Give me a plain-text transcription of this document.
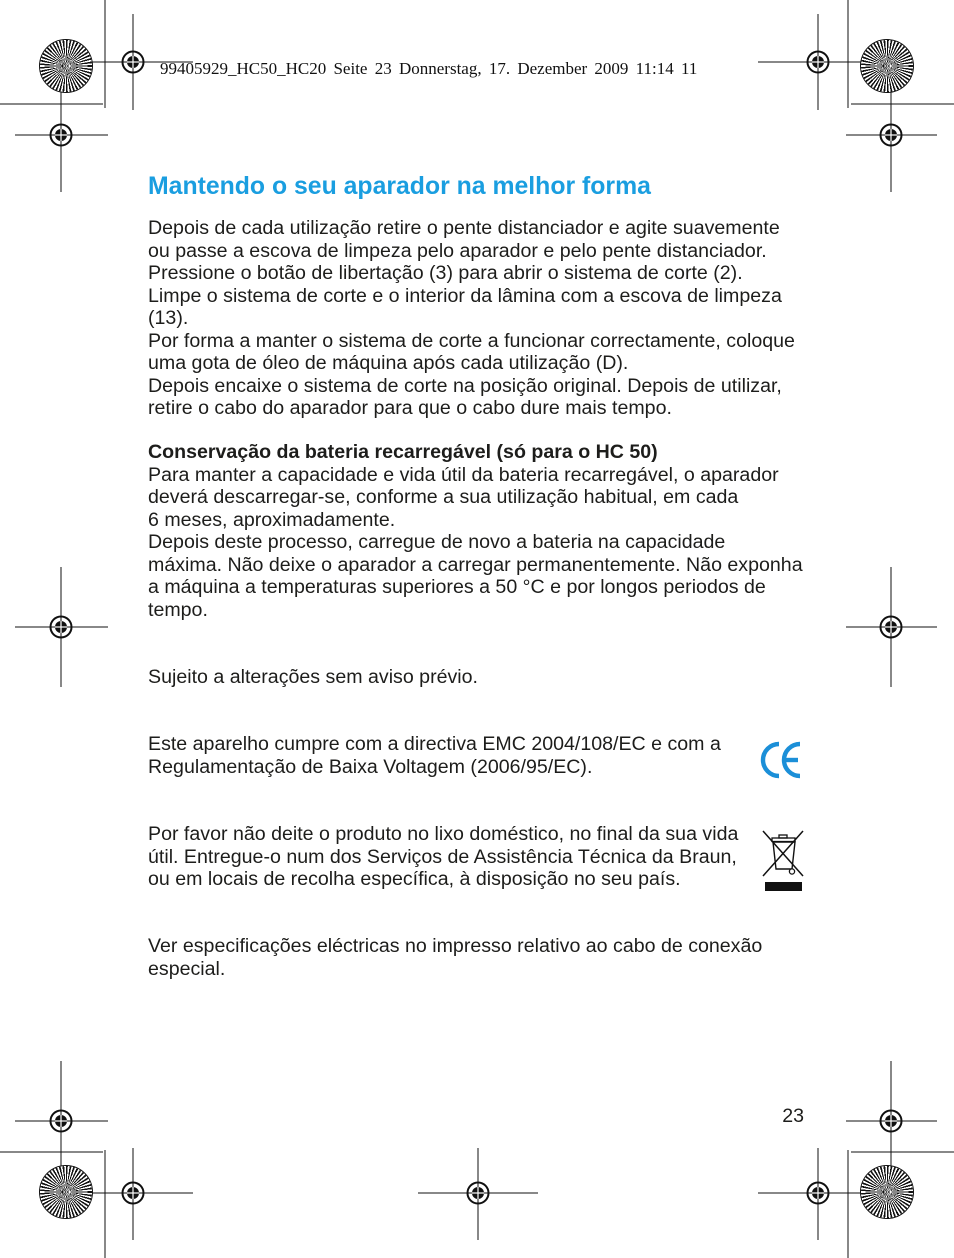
99405929_HC50_HC20 Seite 23 Donnerstag, 17. Dezember 2009 11:14 11
Mantendo o seu aparador na melhor forma
Depois de cada utilização retire o pente distanciador e agite suavemente
ou passe a escova de limpeza pelo aparador e pelo pente distanciador.
Pressione o botão de libertação (3) para abrir o sistema de corte (2).
Limpe o sistema de corte e o interior da lâmina com a escova de limpeza
(13).
Por forma a manter o sistema de corte a funcionar correctamente, coloque
uma gota de óleo de máquina após cada utilização (D).
Depois encaixe o sistema de corte na posição original. Depois de utilizar,
retire o cabo do aparador para que o cabo dure mais tempo.
Conservação da bateria recarregável (só para o HC 50)
Para manter a capacidade e vida útil da bateria recarregável, o aparador
deverá descarregar-se, conforme a sua utilização habitual, em cada
6 meses, aproximadamente.
Depois deste processo, carregue de novo a bateria na capacidade
máxima. Não deixe o aparador a carregar permanentemente. Não exponha
a máquina a temperaturas superiores a 50 °C e por longos periodos de
tempo.
Sujeito a alterações sem aviso prévio.
Este aparelho cumpre com a directiva EMC 2004/108/EC e com a
Regulamentação de Baixa Voltagem (2006/95/EC).
Por favor não deite o produto no lixo doméstico, no final da sua vida
útil. Entregue-o num dos Serviços de Assistência Técnica da Braun,
ou em locais de recolha específica, à disposição no seu país.
Ver especificações eléctricas no impresso relativo ao cabo de conexão
especial.
23
